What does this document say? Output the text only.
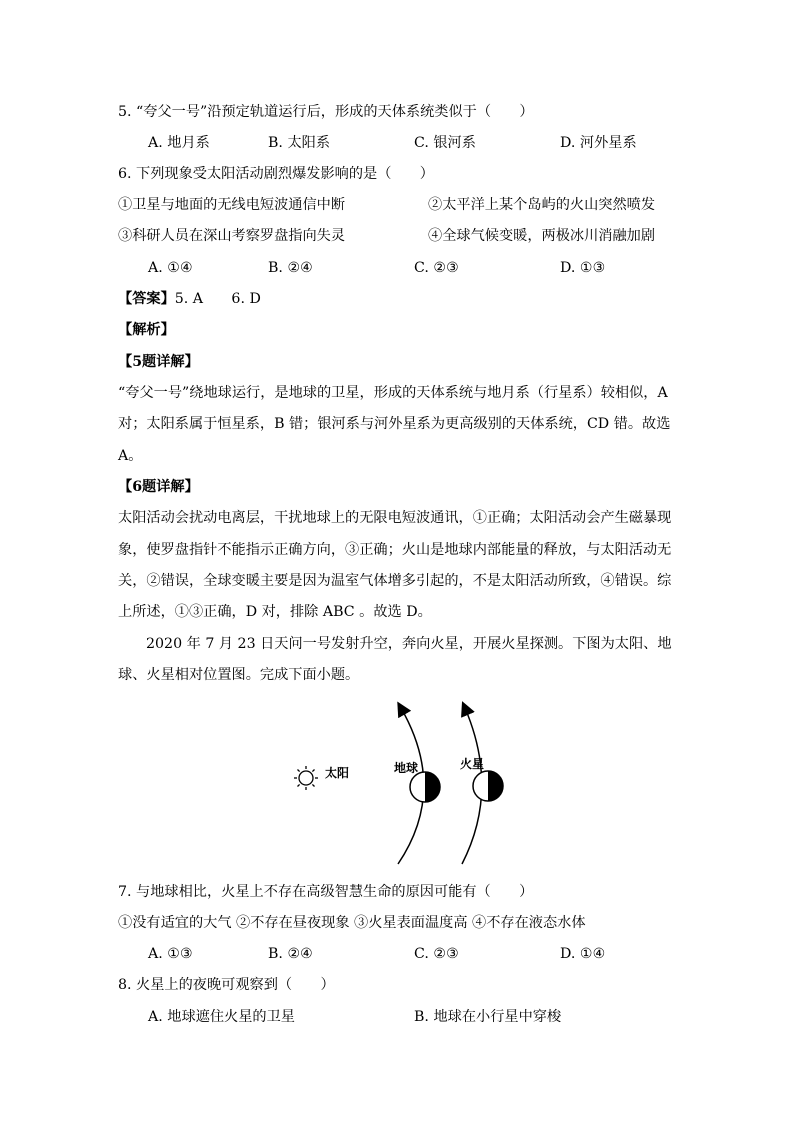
5. “夸父一号”沿预定轨道运行后，形成的天体系统类似于（　　）
A. 地月系	B. 太阳系	C. 银河系	D. 河外星系
6. 下列现象受太阳活动剧烈爆发影响的是（　　）
①卫星与地面的无线电短波通信中断	②太平洋上某个岛屿的火山突然喷发
③科研人员在深山考察罗盘指向失灵	④全球气候变暖，两极冰川消融加剧
A. ①④	B. ②④	C. ②③	D. ①③
【答案】5. A　　6. D
【解析】
【5题详解】
“夸父一号”绕地球运行，是地球的卫星，形成的天体系统与地月系（行星系）较相似，A
对；太阳系属于恒星系，B 错；银河系与河外星系为更高级别的天体系统，CD 错。故选
A。
【6题详解】
太阳活动会扰动电离层，干扰地球上的无限电短波通讯，①正确；太阳活动会产生磁暴现
象，使罗盘指针不能指示正确方向，③正确；火山是地球内部能量的释放，与太阳活动无
关，②错误，全球变暖主要是因为温室气体增多引起的，不是太阳活动所致，④错误。综
上所述，①③正确，D 对，排除 ABC 。故选 D。
2020 年 7 月 23 日天问一号发射升空，奔向火星，开展火星探测。下图为太阳、地
球、火星相对位置图。完成下面小题。
太阳	地球	火星
7. 与地球相比，火星上不存在高级智慧生命的原因可能有（　　）
①没有适宜的大气 ②不存在昼夜现象 ③火星表面温度高 ④不存在液态水体
A. ①③	B. ②④	C. ②③	D. ①④
8. 火星上的夜晚可观察到（　　）
A. 地球遮住火星的卫星	B. 地球在小行星中穿梭
